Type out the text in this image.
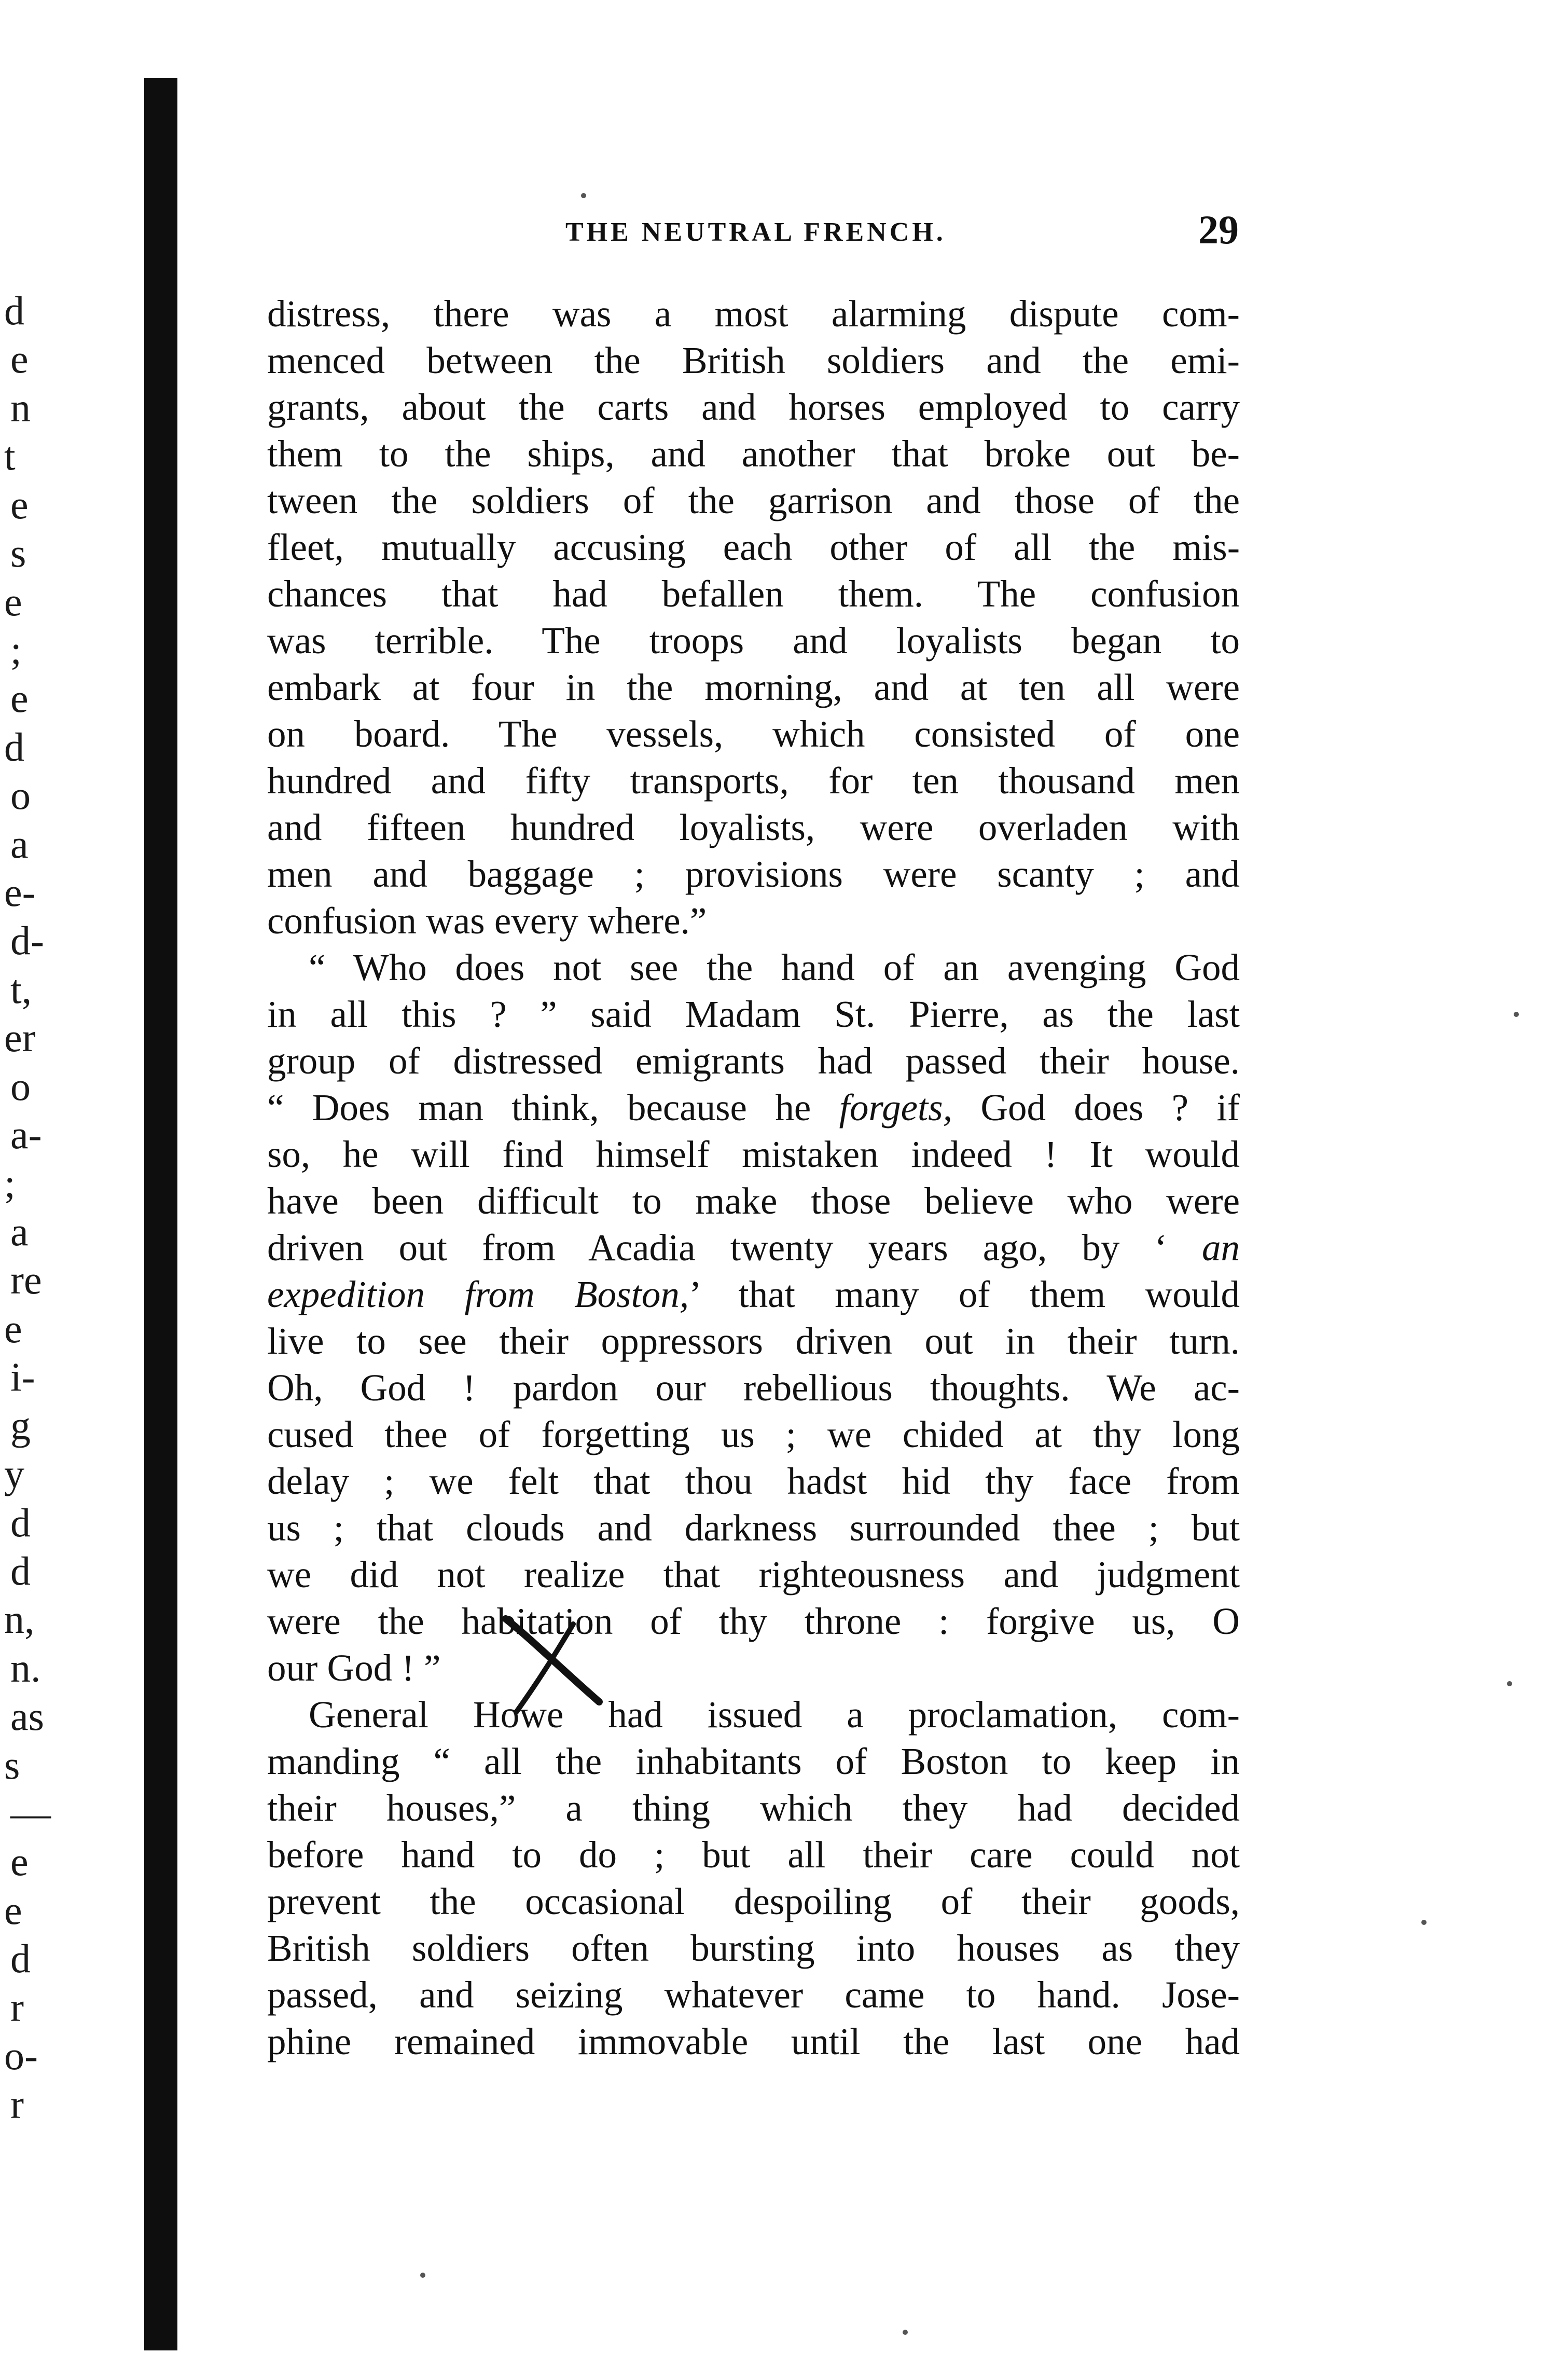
d
e
n
t
e
s
e
;
e
d
o
a
e-
d-
t,
er
o
a-
;
a
re
e
i-
g
y
d
d
n,
n.
as
s
—
e
e
d
r
o-
r
THE NEUTRAL FRENCH.	29
distress, there was a most alarming dispute com-
menced between the British soldiers and the emi-
grants, about the carts and horses employed to carry
them to the ships, and another that broke out be-
tween the soldiers of the garrison and those of the
fleet, mutually accusing each other of all the mis-
chances that had befallen them. The confusion
was terrible. The troops and loyalists began to
embark at four in the morning, and at ten all were
on board. The vessels, which consisted of one
hundred and fifty transports, for ten thousand men
and fifteen hundred loyalists, were overladen with
men and baggage ; provisions were scanty ; and
confusion was every where.”
“ Who does not see the hand of an avenging God
in all this ? ” said Madam St. Pierre, as the last
group of distressed emigrants had passed their house.
“ Does man think, because he forgets, God does ? if
so, he will find himself mistaken indeed ! It would
have been difficult to make those believe who were
driven out from Acadia twenty years ago, by ‘ an
expedition from Boston,’ that many of them would
live to see their oppressors driven out in their turn.
Oh, God ! pardon our rebellious thoughts. We ac-
cused thee of forgetting us ; we chided at thy long
delay ; we felt that thou hadst hid thy face from
us ; that clouds and darkness surrounded thee ; but
we did not realize that righteousness and judgment
were the habitation of thy throne : forgive us, O
our God ! ”
General Howe had issued a proclamation, com-
manding “ all the inhabitants of Boston to keep in
their houses,” a thing which they had decided
before hand to do ; but all their care could not
prevent the occasional despoiling of their goods,
British soldiers often bursting into houses as they
passed, and seizing whatever came to hand. Jose-
phine remained immovable until the last one had
